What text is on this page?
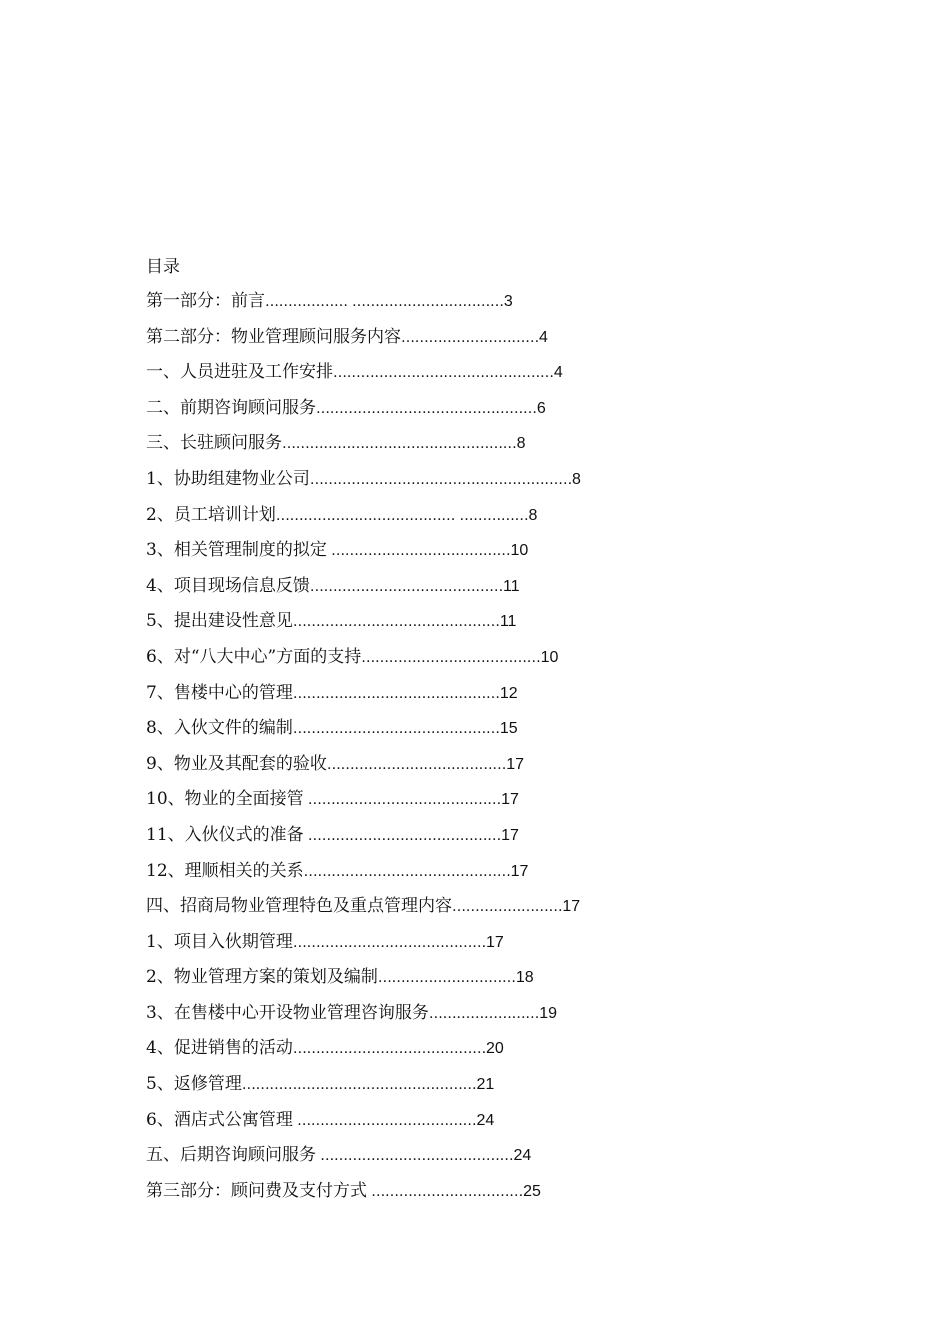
目录
第一部分：前言……………… ……………………………3
第二部分：物业管理顾问服务内容…………………………4
一、人员进驻及工作安排…………………………………………4
二、前期咨询顾问服务…………………………………………6
三、长驻顾问服务……………………………………………8
1、协助组建物业公司…………………………………………………8
2、员工培训计划………………………………… ……………8
3、相关管理制度的拟定 …………………………………10
4、项目现场信息反馈……………………………………11
5、提出建设性意见………………………………………11
6、对“八大中心”方面的支持…………………………………10
7、售楼中心的管理………………………………………12
8、入伙文件的编制………………………………………15
9、物业及其配套的验收…………………………………17
10、物业的全面接管 ……………………………………17
11、入伙仪式的准备 ……………………………………17
12、理顺相关的关系………………………………………17
四、招商局物业管理特色及重点管理内容……………………17
1、项目入伙期管理……………………………………17
2、物业管理方案的策划及编制…………………………18
3、在售楼中心开设物业管理咨询服务……………………19
4、促进销售的活动……………………………………20
5、返修管理……………………………………………21
6、酒店式公寓管理 …………………………………24
五、后期咨询顾问服务 ……………………………………24
第三部分：顾问费及支付方式 ……………………………25
